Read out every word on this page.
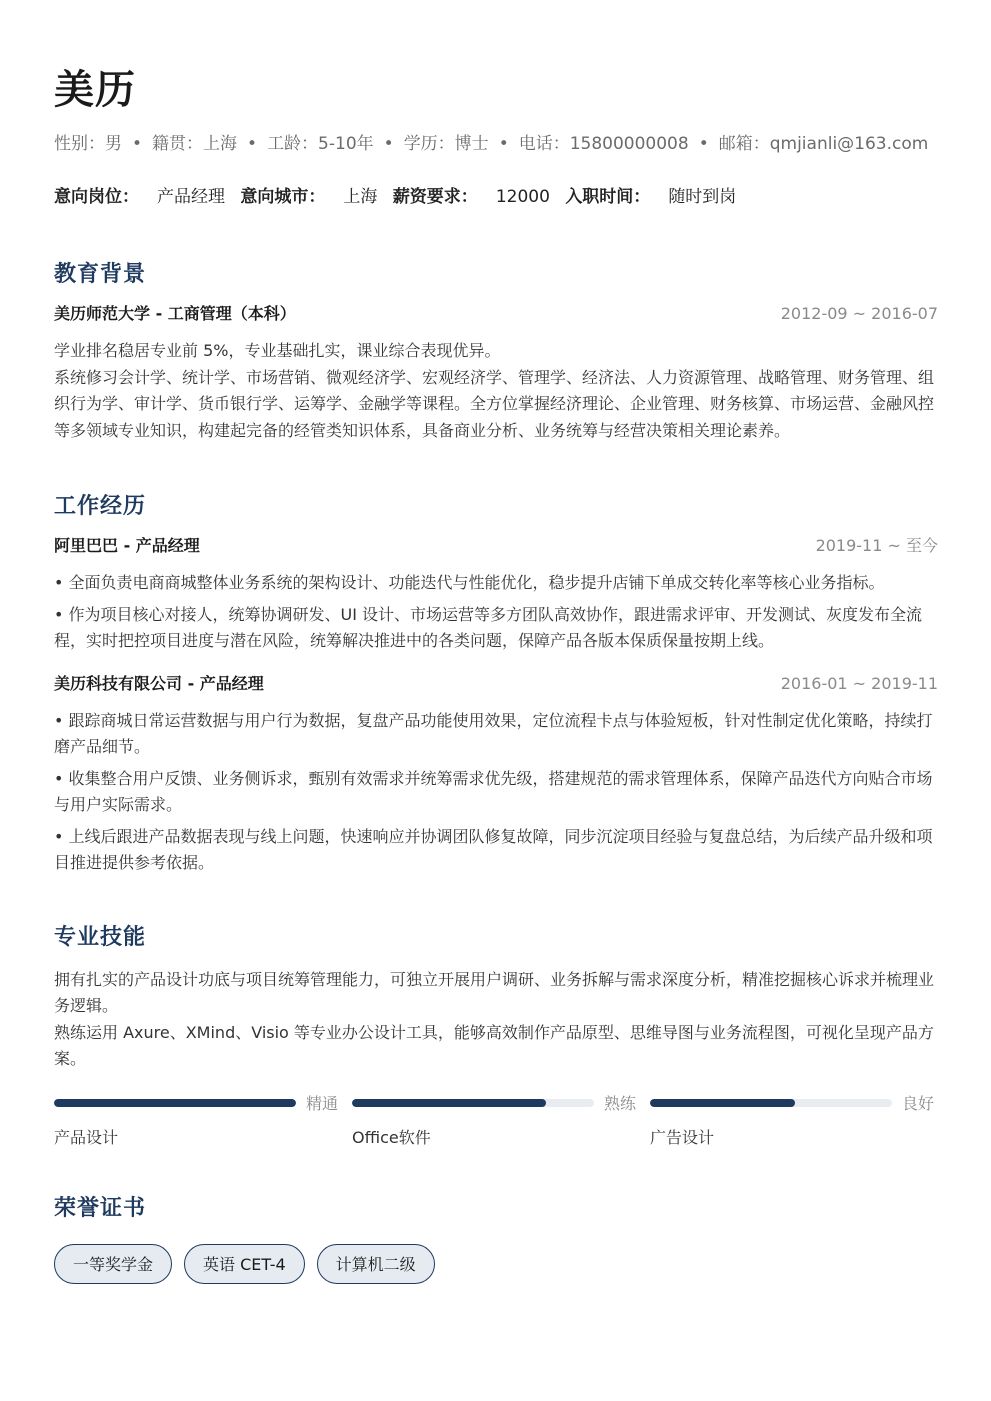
美历
性别：男 • 籍贯：上海 • 工龄：5-10年 • 学历：博士 • 电话：15800000008 • 邮箱：qmjianli@163.com
意向岗位： 产品经理 意向城市： 上海 薪资要求： 12000 入职时间： 随时到岗
教育背景
美历师范大学 - 工商管理（本科）	2012-09 ~ 2016-07

学业排名稳居专业前 5%，专业基础扎实，课业综合表现优异。

系统修习会计学、统计学、市场营销、微观经济学、宏观经济学、管理学、经济法、人力资源管理、战略管理、财务管理、组织行为学、审计学、货币银行学、运筹学、金融学等课程。全方位掌握经济理论、企业管理、财务核算、市场运营、金融风控等多领域专业知识，构建起完备的经管类知识体系，具备商业分析、业务统筹与经营决策相关理论素养。

工作经历
阿里巴巴 - 产品经理	2019-11 ~ 至今

• 全面负责电商商城整体业务系统的架构设计、功能迭代与性能优化，稳步提升店铺下单成交转化率等核心业务指标。

• 作为项目核心对接人，统筹协调研发、UI 设计、市场运营等多方团队高效协作，跟进需求评审、开发测试、灰度发布全流程，实时把控项目进度与潜在风险，统筹解决推进中的各类问题，保障产品各版本保质保量按期上线。

美历科技有限公司 - 产品经理	2016-01 ~ 2019-11

• 跟踪商城日常运营数据与用户行为数据，复盘产品功能使用效果，定位流程卡点与体验短板，针对性制定优化策略，持续打磨产品细节。

• 收集整合用户反馈、业务侧诉求，甄别有效需求并统筹需求优先级，搭建规范的需求管理体系，保障产品迭代方向贴合市场与用户实际需求。

• 上线后跟进产品数据表现与线上问题，快速响应并协调团队修复故障，同步沉淀项目经验与复盘总结，为后续产品升级和项目推进提供参考依据。

专业技能

拥有扎实的产品设计功底与项目统筹管理能力，可独立开展用户调研、业务拆解与需求深度分析，精准挖掘核心诉求并梳理业务逻辑。

熟练运用 Axure、XMind、Visio 等专业办公设计工具，能够高效制作产品原型、思维导图与业务流程图，可视化呈现产品方案。

精通
产品设计
熟练
Office软件
良好
广告设计
荣誉证书
一等奖学金	英语 CET-4	计算机二级
